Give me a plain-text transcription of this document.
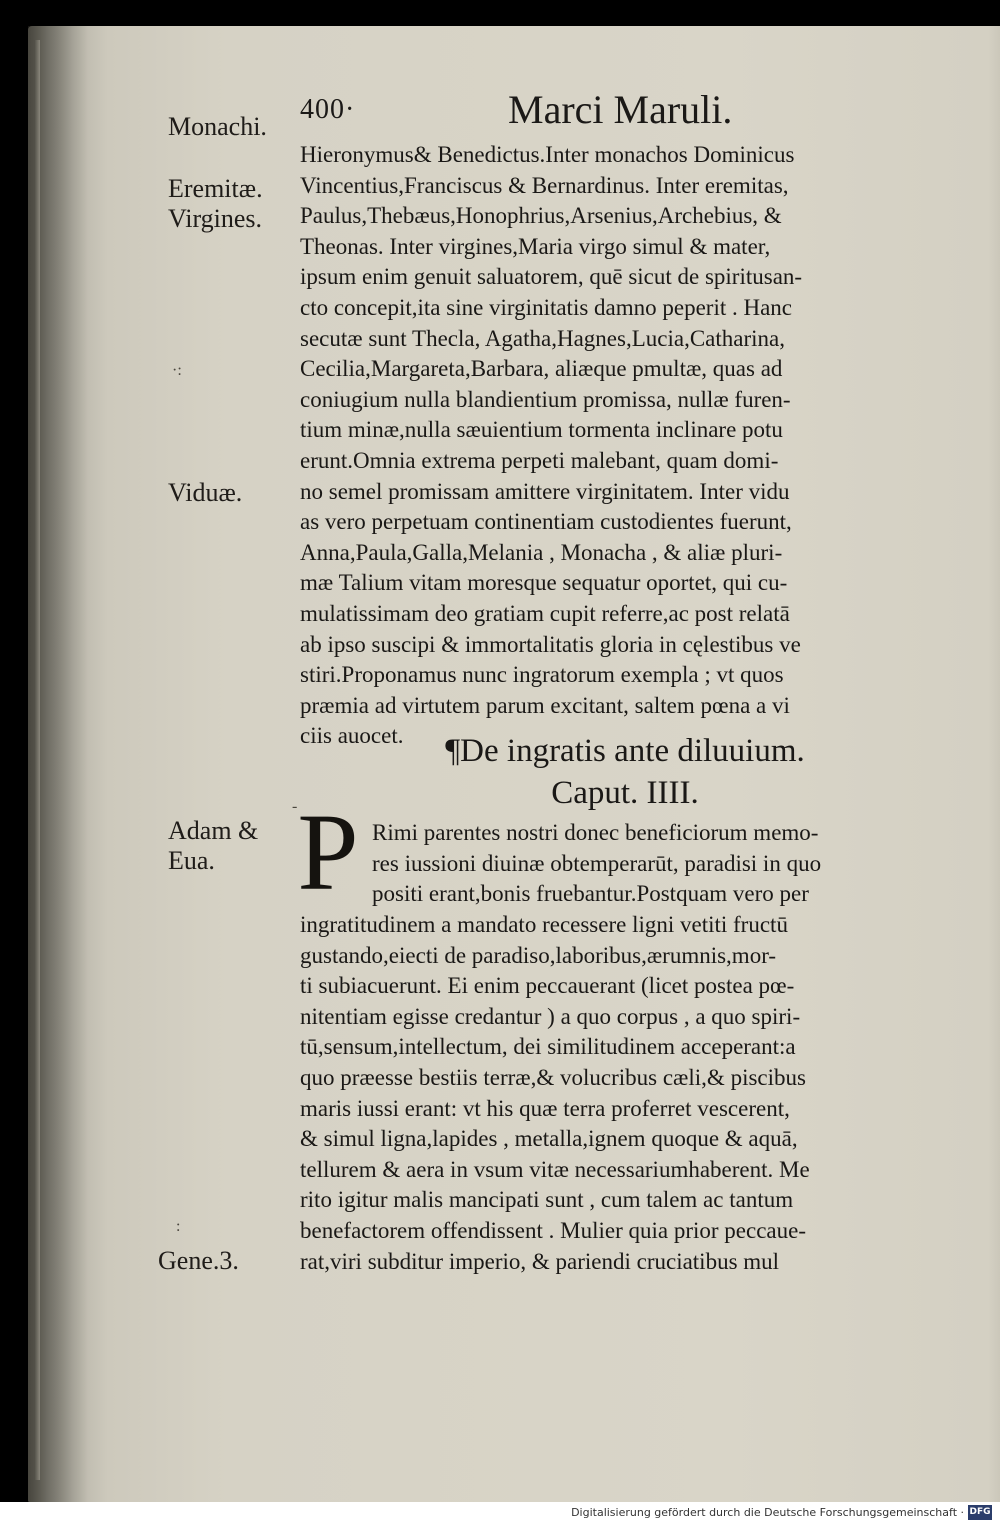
400·	Marci Maruli.
Monachi.
Eremitæ.
Virgines.
Viduæ.
Adam &
Eua.
Gene.3.
·:
-
:
Hieronymus& Benedictus.Inter monachos Dominicus
Vincentius,Franciscus & Bernardinus. Inter eremitas,
Paulus,Thebæus,Honophrius,Arsenius,Archebius, &
Theonas. Inter virgines,Maria virgo simul & mater,
ipsum enim genuit saluatorem, quē sicut de spiritusan-
cto concepit,ita sine virginitatis damno peperit . Hanc
secutæ sunt Thecla, Agatha,Hagnes,Lucia,Catharina,
Cecilia,Margareta,Barbara, aliæque pmultæ, quas ad
coniugium nulla blandientium promissa, nullæ furen-
tium minæ,nulla sæuientium tormenta inclinare potu
erunt.Omnia extrema perpeti malebant, quam domi-
no semel promissam amittere virginitatem. Inter vidu
as vero perpetuam continentiam custodientes fuerunt,
Anna,Paula,Galla,Melania , Monacha , & aliæ pluri-
mæ Talium vitam moresque sequatur oportet, qui cu-
mulatissimam deo gratiam cupit referre,ac post relatā
ab ipso suscipi & immortalitatis gloria in cęlestibus ve
stiri.Proponamus nunc ingratorum exempla ; vt quos
præmia ad virtutem parum excitant, saltem pœna a vi
ciis auocet.	¶De ingratis ante diluuium.
Caput. IIII.
P Rimi parentes nostri donec beneficiorum memo-
res iussioni diuinæ obtemperarūt, paradisi in quo
positi erant,bonis fruebantur.Postquam vero per
ingratitudinem a mandato recessere ligni vetiti fructū
gustando,eiecti de paradiso,laboribus,ærumnis,mor-
ti subiacuerunt. Ei enim peccauerant (licet postea pœ-
nitentiam egisse credantur ) a quo corpus , a quo spiri-
tū,sensum,intellectum, dei similitudinem acceperant:a
quo præesse bestiis terræ,& volucribus cæli,& piscibus
maris iussi erant: vt his quæ terra proferret vescerent,
& simul ligna,lapides , metalla,ignem quoque & aquā,
tellurem & aera in vsum vitæ necessariumhaberent. Me
rito igitur malis mancipati sunt , cum talem ac tantum
benefactorem offendissent . Mulier quia prior peccaue-
rat,viri subditur imperio, & pariendi cruciatibus mul
Digitalisierung gefördert durch die Deutsche Forschungsgemeinschaft · DFG
